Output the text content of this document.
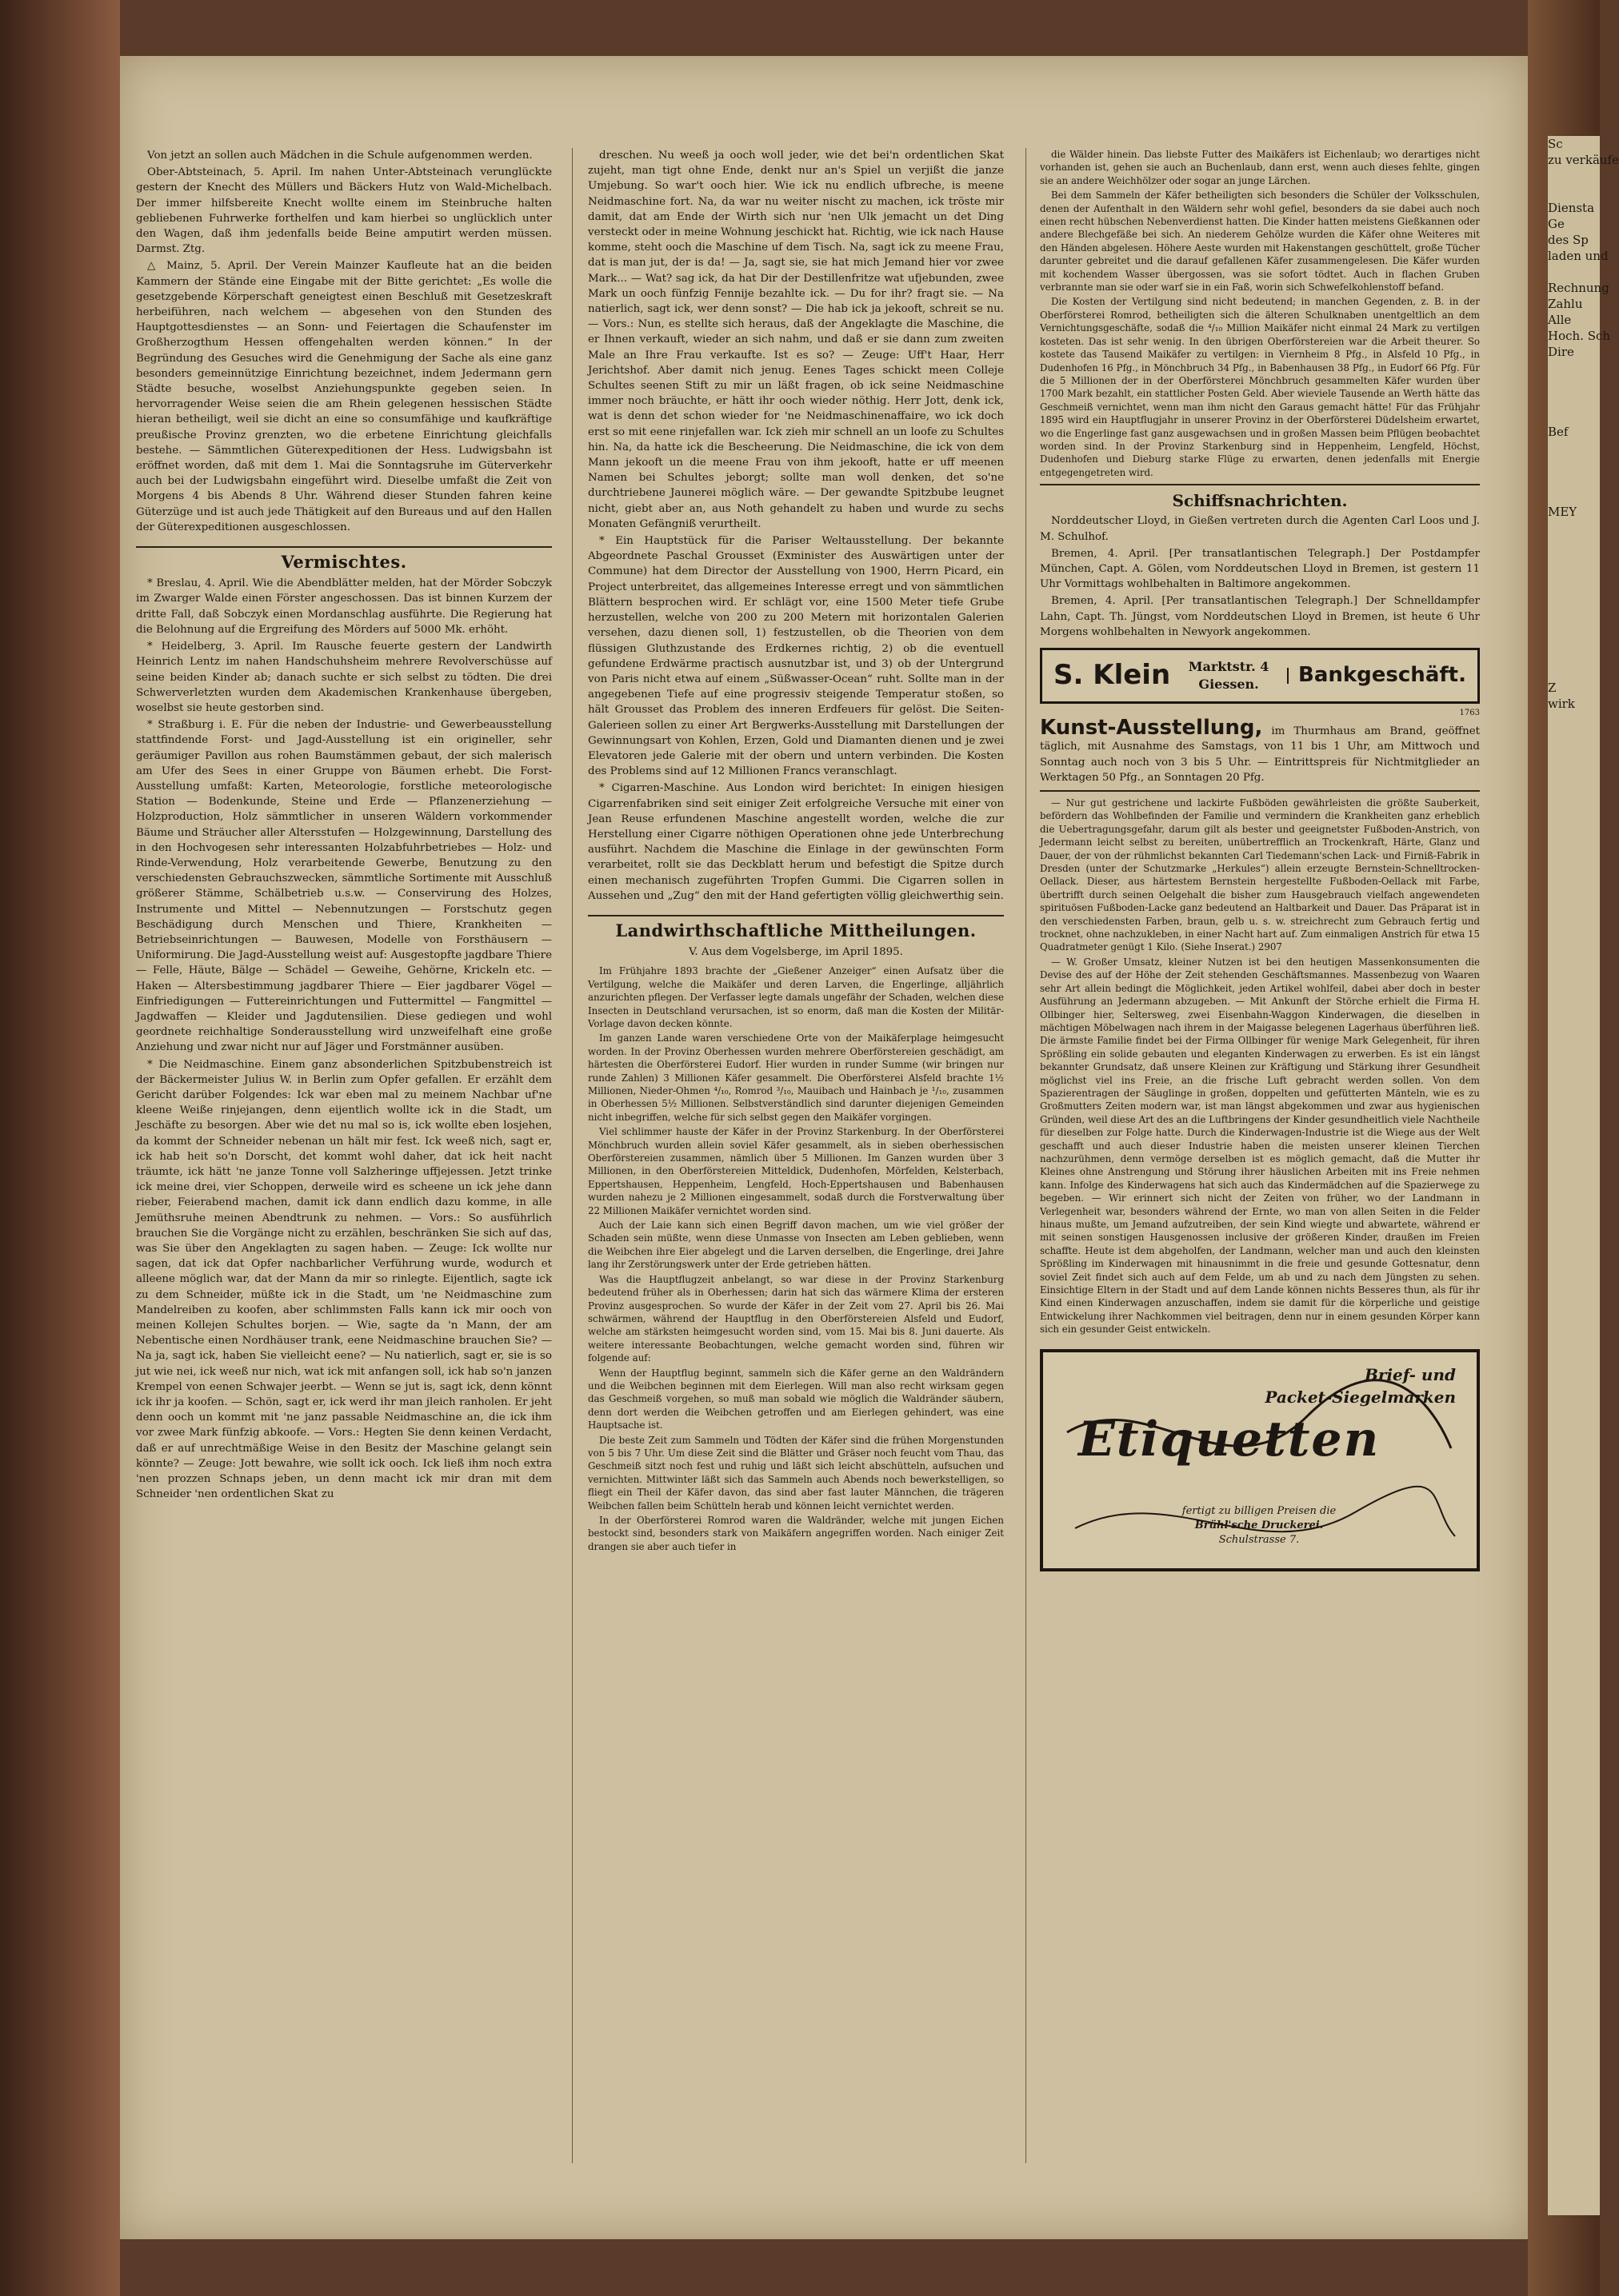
Sc
zu verkäufe

Diensta
Ge
des Sp
laden und

Rechnung
Zahlu
Alle
Hoch. Sch
Dire

Bef

MEY

Z
wirk

Von jetzt an sollen auch Mädchen in die Schule aufgenommen werden.

Ober-Abtsteinach, 5. April. Im nahen Unter-Abtsteinach verunglückte gestern der Knecht des Müllers und Bäckers Hutz von Wald-Michelbach. Der immer hilfsbereite Knecht wollte einem im Steinbruche halten gebliebenen Fuhrwerke forthelfen und kam hierbei so unglücklich unter den Wagen, daß ihm jedenfalls beide Beine amputirt werden müssen. Darmst. Ztg.

△ Mainz, 5. April. Der Verein Mainzer Kaufleute hat an die beiden Kammern der Stände eine Eingabe mit der Bitte gerichtet: „Es wolle die gesetzgebende Körperschaft geneigtest einen Beschluß mit Gesetzeskraft herbeiführen, nach welchem — abgesehen von den Stunden des Hauptgottesdienstes — an Sonn- und Feiertagen die Schaufenster im Großherzogthum Hessen offengehalten werden können.“ In der Begründung des Gesuches wird die Genehmigung der Sache als eine ganz besonders gemeinnützige Einrichtung bezeichnet, indem Jedermann gern Städte besuche, woselbst Anziehungspunkte gegeben seien. In hervorragender Weise seien die am Rhein gelegenen hessischen Städte hieran betheiligt, weil sie dicht an eine so consumfähige und kaufkräftige preußische Provinz grenzten, wo die erbetene Einrichtung gleichfalls bestehe. — Sämmtlichen Güterexpeditionen der Hess. Ludwigsbahn ist eröffnet worden, daß mit dem 1. Mai die Sonntagsruhe im Güterverkehr auch bei der Ludwigsbahn eingeführt wird. Dieselbe umfaßt die Zeit von Morgens 4 bis Abends 8 Uhr. Während dieser Stunden fahren keine Güterzüge und ist auch jede Thätigkeit auf den Bureaus und auf den Hallen der Güterexpeditionen ausgeschlossen.

Vermischtes.

* Breslau, 4. April. Wie die Abendblätter melden, hat der Mörder Sobczyk im Zwarger Walde einen Förster angeschossen. Das ist binnen Kurzem der dritte Fall, daß Sobczyk einen Mordanschlag ausführte. Die Regierung hat die Belohnung auf die Ergreifung des Mörders auf 5000 Mk. erhöht.

* Heidelberg, 3. April. Im Rausche feuerte gestern der Landwirth Heinrich Lentz im nahen Handschuhsheim mehrere Revolverschüsse auf seine beiden Kinder ab; danach suchte er sich selbst zu tödten. Die drei Schwerverletzten wurden dem Akademischen Krankenhause übergeben, woselbst sie heute gestorben sind.

* Straßburg i. E. Für die neben der Industrie- und Gewerbeausstellung stattfindende Forst- und Jagd-Ausstellung ist ein origineller, sehr geräumiger Pavillon aus rohen Baumstämmen gebaut, der sich malerisch am Ufer des Sees in einer Gruppe von Bäumen erhebt. Die Forst-Ausstellung umfaßt: Karten, Meteorologie, forstliche meteorologische Station — Bodenkunde, Steine und Erde — Pflanzenerziehung — Holzproduction, Holz sämmtlicher in unseren Wäldern vorkommender Bäume und Sträucher aller Altersstufen — Holzgewinnung, Darstellung des in den Hochvogesen sehr interessanten Holzabfuhrbetriebes — Holz- und Rinde-Verwendung, Holz verarbeitende Gewerbe, Benutzung zu den verschiedensten Gebrauchszwecken, sämmtliche Sortimente mit Ausschluß größerer Stämme, Schälbetrieb u.s.w. — Conservirung des Holzes, Instrumente und Mittel — Nebennutzungen — Forstschutz gegen Beschädigung durch Menschen und Thiere, Krankheiten — Betriebseinrichtungen — Bauwesen, Modelle von Forsthäusern — Uniformirung. Die Jagd-Ausstellung weist auf: Ausgestopfte jagdbare Thiere — Felle, Häute, Bälge — Schädel — Geweihe, Gehörne, Krickeln etc. — Haken — Altersbestimmung jagdbarer Thiere — Eier jagdbarer Vögel — Einfriedigungen — Futtereinrichtungen und Futtermittel — Fangmittel — Jagdwaffen — Kleider und Jagdutensilien. Diese gediegen und wohl geordnete reichhaltige Sonderausstellung wird unzweifelhaft eine große Anziehung und zwar nicht nur auf Jäger und Forstmänner ausüben.

* Die Neidmaschine. Einem ganz absonderlichen Spitzbubenstreich ist der Bäckermeister Julius W. in Berlin zum Opfer gefallen. Er erzählt dem Gericht darüber Folgendes: Ick war eben mal zu meinem Nachbar uf'ne kleene Weiße rinjejangen, denn eijentlich wollte ick in die Stadt, um Jeschäfte zu besorgen. Aber wie det nu mal so is, ick wollte eben losjehen, da kommt der Schneider nebenan un hält mir fest. Ick weeß nich, sagt er, ick hab heit so'n Dorscht, det kommt wohl daher, dat ick heit nacht träumte, ick hätt 'ne janze Tonne voll Salzheringe uffjejessen. Jetzt trinke ick meine drei, vier Schoppen, derweile wird es scheene un ick jehe dann rieber, Feierabend machen, damit ick dann endlich dazu komme, in alle Jemüthsruhe meinen Abendtrunk zu nehmen. — Vors.: So ausführlich brauchen Sie die Vorgänge nicht zu erzählen, beschränken Sie sich auf das, was Sie über den Angeklagten zu sagen haben. — Zeuge: Ick wollte nur sagen, dat ick dat Opfer nachbarlicher Verführung wurde, wodurch et alleene möglich war, dat der Mann da mir so rinlegte. Eijentlich, sagte ick zu dem Schneider, müßte ick in die Stadt, um 'ne Neidmaschine zum Mandelreiben zu koofen, aber schlimmsten Falls kann ick mir ooch von meinen Kollejen Schultes borjen. — Wie, sagte da 'n Mann, der am Nebentische einen Nordhäuser trank, eene Neidmaschine brauchen Sie? — Na ja, sagt ick, haben Sie vielleicht eene? — Nu natierlich, sagt er, sie is so jut wie nei, ick weeß nur nich, wat ick mit anfangen soll, ick hab so'n janzen Krempel von eenen Schwajer jeerbt. — Wenn se jut is, sagt ick, denn könnt ick ihr ja koofen. — Schön, sagt er, ick werd ihr man jleich ranholen. Er jeht denn ooch un kommt mit 'ne janz passable Neidmaschine an, die ick ihm vor zwee Mark fünfzig abkoofe. — Vors.: Hegten Sie denn keinen Verdacht, daß er auf unrechtmäßige Weise in den Besitz der Maschine gelangt sein könnte? — Zeuge: Jott bewahre, wie sollt ick ooch. Ick ließ ihm noch extra 'nen prozzen Schnaps jeben, un denn macht ick mir dran mit dem Schneider 'nen ordentlichen Skat zu

dreschen. Nu weeß ja ooch woll jeder, wie det bei'n ordentlichen Skat zujeht, man tigt ohne Ende, denkt nur an's Spiel un verjißt die janze Umjebung. So war't ooch hier. Wie ick nu endlich ufbreche, is meene Neidmaschine fort. Na, da war nu weiter nischt zu machen, ick tröste mir damit, dat am Ende der Wirth sich nur 'nen Ulk jemacht un det Ding versteckt oder in meine Wohnung jeschickt hat. Richtig, wie ick nach Hause komme, steht ooch die Maschine uf dem Tisch. Na, sagt ick zu meene Frau, dat is man jut, der is da! — Ja, sagt sie, sie hat mich Jemand hier vor zwee Mark... — Wat? sag ick, da hat Dir der Destillenfritze wat ufjebunden, zwee Mark un ooch fünfzig Fennije bezahlte ick. — Du for ihr? fragt sie. — Na natierlich, sagt ick, wer denn sonst? — Die hab ick ja jekooft, schreit se nu. — Vors.: Nun, es stellte sich heraus, daß der Angeklagte die Maschine, die er Ihnen verkauft, wieder an sich nahm, und daß er sie dann zum zweiten Male an Ihre Frau verkaufte. Ist es so? — Zeuge: Uff't Haar, Herr Jerichtshof. Aber damit nich jenug. Eenes Tages schickt meen Colleje Schultes seenen Stift zu mir un läßt fragen, ob ick seine Neidmaschine immer noch bräuchte, er hätt ihr ooch wieder nöthig. Herr Jott, denk ick, wat is denn det schon wieder for 'ne Neidmaschinenaffaire, wo ick doch erst so mit eene rinjefallen war. Ick zieh mir schnell an un loofe zu Schultes hin. Na, da hatte ick die Bescheerung. Die Neidmaschine, die ick von dem Mann jekooft un die meene Frau von ihm jekooft, hatte er uff meenen Namen bei Schultes jeborgt; sollte man woll denken, det so'ne durchtriebene Jaunerei möglich wäre. — Der gewandte Spitzbube leugnet nicht, giebt aber an, aus Noth gehandelt zu haben und wurde zu sechs Monaten Gefängniß verurtheilt.

* Ein Hauptstück für die Pariser Weltausstellung. Der bekannte Abgeordnete Paschal Grousset (Exminister des Auswärtigen unter der Commune) hat dem Director der Ausstellung von 1900, Herrn Picard, ein Project unterbreitet, das allgemeines Interesse erregt und von sämmtlichen Blättern besprochen wird. Er schlägt vor, eine 1500 Meter tiefe Grube herzustellen, welche von 200 zu 200 Metern mit horizontalen Galerien versehen, dazu dienen soll, 1) festzustellen, ob die Theorien von dem flüssigen Gluthzustande des Erdkernes richtig, 2) ob die eventuell gefundene Erdwärme practisch ausnutzbar ist, und 3) ob der Untergrund von Paris nicht etwa auf einem „Süßwasser-Ocean“ ruht. Sollte man in der angegebenen Tiefe auf eine progressiv steigende Temperatur stoßen, so hält Grousset das Problem des inneren Erdfeuers für gelöst. Die Seiten-Galerieen sollen zu einer Art Bergwerks-Ausstellung mit Darstellungen der Gewinnungsart von Kohlen, Erzen, Gold und Diamanten dienen und je zwei Elevatoren jede Galerie mit der obern und untern verbinden. Die Kosten des Problems sind auf 12 Millionen Francs veranschlagt.

* Cigarren-Maschine. Aus London wird berichtet: In einigen hiesigen Cigarrenfabriken sind seit einiger Zeit erfolgreiche Versuche mit einer von Jean Reuse erfundenen Maschine angestellt worden, welche die zur Herstellung einer Cigarre nöthigen Operationen ohne jede Unterbrechung ausführt. Nachdem die Maschine die Einlage in der gewünschten Form verarbeitet, rollt sie das Deckblatt herum und befestigt die Spitze durch einen mechanisch zugeführten Tropfen Gummi. Die Cigarren sollen in Aussehen und „Zug“ den mit der Hand gefertigten völlig gleichwerthig sein.

Landwirthschaftliche Mittheilungen.
V. Aus dem Vogelsberge, im April 1895.

Im Frühjahre 1893 brachte der „Gießener Anzeiger“ einen Aufsatz über die Vertilgung, welche die Maikäfer und deren Larven, die Engerlinge, alljährlich anzurichten pflegen. Der Verfasser legte damals ungefähr der Schaden, welchen diese Insecten in Deutschland verursachen, ist so enorm, daß man die Kosten der Militär-Vorlage davon decken könnte.

Im ganzen Lande waren verschiedene Orte von der Maikäferplage heimgesucht worden. In der Provinz Oberhessen wurden mehrere Oberförstereien geschädigt, am härtesten die Oberförsterei Eudorf. Hier wurden in runder Summe (wir bringen nur runde Zahlen) 3 Millionen Käfer gesammelt. Die Oberförsterei Alsfeld brachte 1½ Millionen, Nieder-Ohmen ⁴/₁₀, Romrod ³/₁₀, Mauibach und Hainbach je ¹/₁₀, zusammen in Oberhessen 5½ Millionen. Selbstverständlich sind darunter diejenigen Gemeinden nicht inbegriffen, welche für sich selbst gegen den Maikäfer vorgingen.

Viel schlimmer hauste der Käfer in der Provinz Starkenburg. In der Oberförsterei Mönchbruch wurden allein soviel Käfer gesammelt, als in sieben oberhessischen Oberförstereien zusammen, nämlich über 5 Millionen. Im Ganzen wurden über 3 Millionen, in den Oberförstereien Mitteldick, Dudenhofen, Mörfelden, Kelsterbach, Eppertshausen, Heppenheim, Lengfeld, Hoch-Eppertshausen und Babenhausen wurden nahezu je 2 Millionen eingesammelt, sodaß durch die Forstverwaltung über 22 Millionen Maikäfer vernichtet worden sind.

Auch der Laie kann sich einen Begriff davon machen, um wie viel größer der Schaden sein müßte, wenn diese Unmasse von Insecten am Leben geblieben, wenn die Weibchen ihre Eier abgelegt und die Larven derselben, die Engerlinge, drei Jahre lang ihr Zerstörungswerk unter der Erde getrieben hätten.

Was die Hauptflugzeit anbelangt, so war diese in der Provinz Starkenburg bedeutend früher als in Oberhessen; darin hat sich das wärmere Klima der ersteren Provinz ausgesprochen. So wurde der Käfer in der Zeit vom 27. April bis 26. Mai schwärmen, während der Hauptflug in den Oberförstereien Alsfeld und Eudorf, welche am stärksten heimgesucht worden sind, vom 15. Mai bis 8. Juni dauerte. Als weitere interessante Beobachtungen, welche gemacht worden sind, führen wir folgende auf:

Wenn der Hauptflug beginnt, sammeln sich die Käfer gerne an den Waldrändern und die Weibchen beginnen mit dem Eierlegen. Will man also recht wirksam gegen das Geschmeiß vorgehen, so muß man sobald wie möglich die Waldränder säubern, denn dort werden die Weibchen getroffen und am Eierlegen gehindert, was eine Hauptsache ist.

Die beste Zeit zum Sammeln und Tödten der Käfer sind die frühen Morgenstunden von 5 bis 7 Uhr. Um diese Zeit sind die Blätter und Gräser noch feucht vom Thau, das Geschmeiß sitzt noch fest und ruhig und läßt sich leicht abschütteln, aufsuchen und vernichten. Mittwinter läßt sich das Sammeln auch Abends noch bewerkstelligen, so fliegt ein Theil der Käfer davon, das sind aber fast lauter Männchen, die trägeren Weibchen fallen beim Schütteln herab und können leicht vernichtet werden.

In der Oberförsterei Romrod waren die Waldränder, welche mit jungen Eichen bestockt sind, besonders stark von Maikäfern angegriffen worden. Nach einiger Zeit drangen sie aber auch tiefer in

die Wälder hinein. Das liebste Futter des Maikäfers ist Eichenlaub; wo derartiges nicht vorhanden ist, gehen sie auch an Buchenlaub, dann erst, wenn auch dieses fehlte, gingen sie an andere Weichhölzer oder sogar an junge Lärchen.

Bei dem Sammeln der Käfer betheiligten sich besonders die Schüler der Volksschulen, denen der Aufenthalt in den Wäldern sehr wohl gefiel, besonders da sie dabei auch noch einen recht hübschen Nebenverdienst hatten. Die Kinder hatten meistens Gießkannen oder andere Blechgefäße bei sich. An niederem Gehölze wurden die Käfer ohne Weiteres mit den Händen abgelesen. Höhere Aeste wurden mit Hakenstangen geschüttelt, große Tücher darunter gebreitet und die darauf gefallenen Käfer zusammengelesen. Die Käfer wurden mit kochendem Wasser übergossen, was sie sofort tödtet. Auch in flachen Gruben verbrannte man sie oder warf sie in ein Faß, worin sich Schwefelkohlenstoff befand.

Die Kosten der Vertilgung sind nicht bedeutend; in manchen Gegenden, z. B. in der Oberförsterei Romrod, betheiligten sich die älteren Schulknaben unentgeltlich an dem Vernichtungsgeschäfte, sodaß die ⁴/₁₀ Million Maikäfer nicht einmal 24 Mark zu vertilgen kosteten. Das ist sehr wenig. In den übrigen Oberförstereien war die Arbeit theurer. So kostete das Tausend Maikäfer zu vertilgen: in Viernheim 8 Pfg., in Alsfeld 10 Pfg., in Dudenhofen 16 Pfg., in Mönchbruch 34 Pfg., in Babenhausen 38 Pfg., in Eudorf 66 Pfg. Für die 5 Millionen der in der Oberförsterei Mönchbruch gesammelten Käfer wurden über 1700 Mark bezahlt, ein stattlicher Posten Geld. Aber wieviele Tausende an Werth hätte das Geschmeiß vernichtet, wenn man ihm nicht den Garaus gemacht hätte! Für das Frühjahr 1895 wird ein Hauptflugjahr in unserer Provinz in der Oberförsterei Düdelsheim erwartet, wo die Engerlinge fast ganz ausgewachsen und in großen Massen beim Pflügen beobachtet worden sind. In der Provinz Starkenburg sind in Heppenheim, Lengfeld, Höchst, Dudenhofen und Dieburg starke Flüge zu erwarten, denen jedenfalls mit Energie entgegengetreten wird.

Schiffsnachrichten.

Norddeutscher Lloyd, in Gießen vertreten durch die Agenten Carl Loos und J. M. Schulhof.

Bremen, 4. April. [Per transatlantischen Telegraph.] Der Postdampfer München, Capt. A. Gölen, vom Norddeutschen Lloyd in Bremen, ist gestern 11 Uhr Vormittags wohlbehalten in Baltimore angekommen.

Bremen, 4. April. [Per transatlantischen Telegraph.] Der Schnelldampfer Lahn, Capt. Th. Jüngst, vom Norddeutschen Lloyd in Bremen, ist heute 6 Uhr Morgens wohlbehalten in Newyork angekommen.

S. Klein Marktstr. 4
Giessen.	Bankgeschäft.
1763

Kunst-Ausstellung, im Thurmhaus am Brand, geöffnet täglich, mit Ausnahme des Samstags, von 11 bis 1 Uhr, am Mittwoch und Sonntag auch noch von 3 bis 5 Uhr. — Eintrittspreis für Nichtmitglieder an Werktagen 50 Pfg., an Sonntagen 20 Pfg.

— Nur gut gestrichene und lackirte Fußböden gewährleisten die größte Sauberkeit, befördern das Wohlbefinden der Familie und vermindern die Krankheiten ganz erheblich die Uebertragungsgefahr, darum gilt als bester und geeignetster Fußboden-Anstrich, von Jedermann leicht selbst zu bereiten, unübertrefflich an Trockenkraft, Härte, Glanz und Dauer, der von der rühmlichst bekannten Carl Tiedemann'schen Lack- und Firniß-Fabrik in Dresden (unter der Schutzmarke „Herkules“) allein erzeugte Bernstein-Schnelltrocken-Oellack. Dieser, aus härtestem Bernstein hergestellte Fußboden-Oellack mit Farbe, übertrifft durch seinen Oelgehalt die bisher zum Hausgebrauch vielfach angewendeten spirituösen Fußboden-Lacke ganz bedeutend an Haltbarkeit und Dauer. Das Präparat ist in den verschiedensten Farben, braun, gelb u. s. w. streichrecht zum Gebrauch fertig und trocknet, ohne nachzukleben, in einer Nacht hart auf. Zum einmaligen Anstrich für etwa 15 Quadratmeter genügt 1 Kilo. (Siehe Inserat.) 2907

— W. Großer Umsatz, kleiner Nutzen ist bei den heutigen Massenkonsumenten die Devise des auf der Höhe der Zeit stehenden Geschäftsmannes. Massenbezug von Waaren sehr Art allein bedingt die Möglichkeit, jeden Artikel wohlfeil, dabei aber doch in bester Ausführung an Jedermann abzugeben. — Mit Ankunft der Störche erhielt die Firma H. Ollbinger hier, Seltersweg, zwei Eisenbahn-Waggon Kinderwagen, die dieselben in mächtigen Möbelwagen nach ihrem in der Maigasse belegenen Lagerhaus überführen ließ. Die ärmste Familie findet bei der Firma Ollbinger für wenige Mark Gelegenheit, für ihren Sprößling ein solide gebauten und eleganten Kinderwagen zu erwerben. Es ist ein längst bekannter Grundsatz, daß unsere Kleinen zur Kräftigung und Stärkung ihrer Gesundheit möglichst viel ins Freie, an die frische Luft gebracht werden sollen. Von dem Spazierentragen der Säuglinge in großen, doppelten und gefütterten Mänteln, wie es zu Großmutters Zeiten modern war, ist man längst abgekommen und zwar aus hygienischen Gründen, weil diese Art des an die Luftbringens der Kinder gesundheitlich viele Nachtheile für dieselben zur Folge hatte. Durch die Kinderwagen-Industrie ist die Wiege aus der Welt geschafft und auch dieser Industrie haben die meisten unserer kleinen Tierchen nachzurühmen, denn vermöge derselben ist es möglich gemacht, daß die Mutter ihr Kleines ohne Anstrengung und Störung ihrer häuslichen Arbeiten mit ins Freie nehmen kann. Infolge des Kinderwagens hat sich auch das Kindermädchen auf die Spazierwege zu begeben. — Wir erinnert sich nicht der Zeiten von früher, wo der Landmann in Verlegenheit war, besonders während der Ernte, wo man von allen Seiten in die Felder hinaus mußte, um Jemand aufzutreiben, der sein Kind wiegte und abwartete, während er mit seinen sonstigen Hausgenossen inclusive der größeren Kinder, draußen im Freien schaffte. Heute ist dem abgeholfen, der Landmann, welcher man und auch den kleinsten Sprößling im Kinderwagen mit hinausnimmt in die freie und gesunde Gottesnatur, denn soviel Zeit findet sich auch auf dem Felde, um ab und zu nach dem Jüngsten zu sehen. Einsichtige Eltern in der Stadt und auf dem Lande können nichts Besseres thun, als für ihr Kind einen Kinderwagen anzuschaffen, indem sie damit für die körperliche und geistige Entwickelung ihrer Nachkommen viel beitragen, denn nur in einem gesunden Körper kann sich ein gesunder Geist entwickeln.

Brief- und
Packet-Siegelmarken
Etiquetten
fertigt zu billigen Preisen die
Brühl'sche Druckerei.
Schulstrasse 7.
